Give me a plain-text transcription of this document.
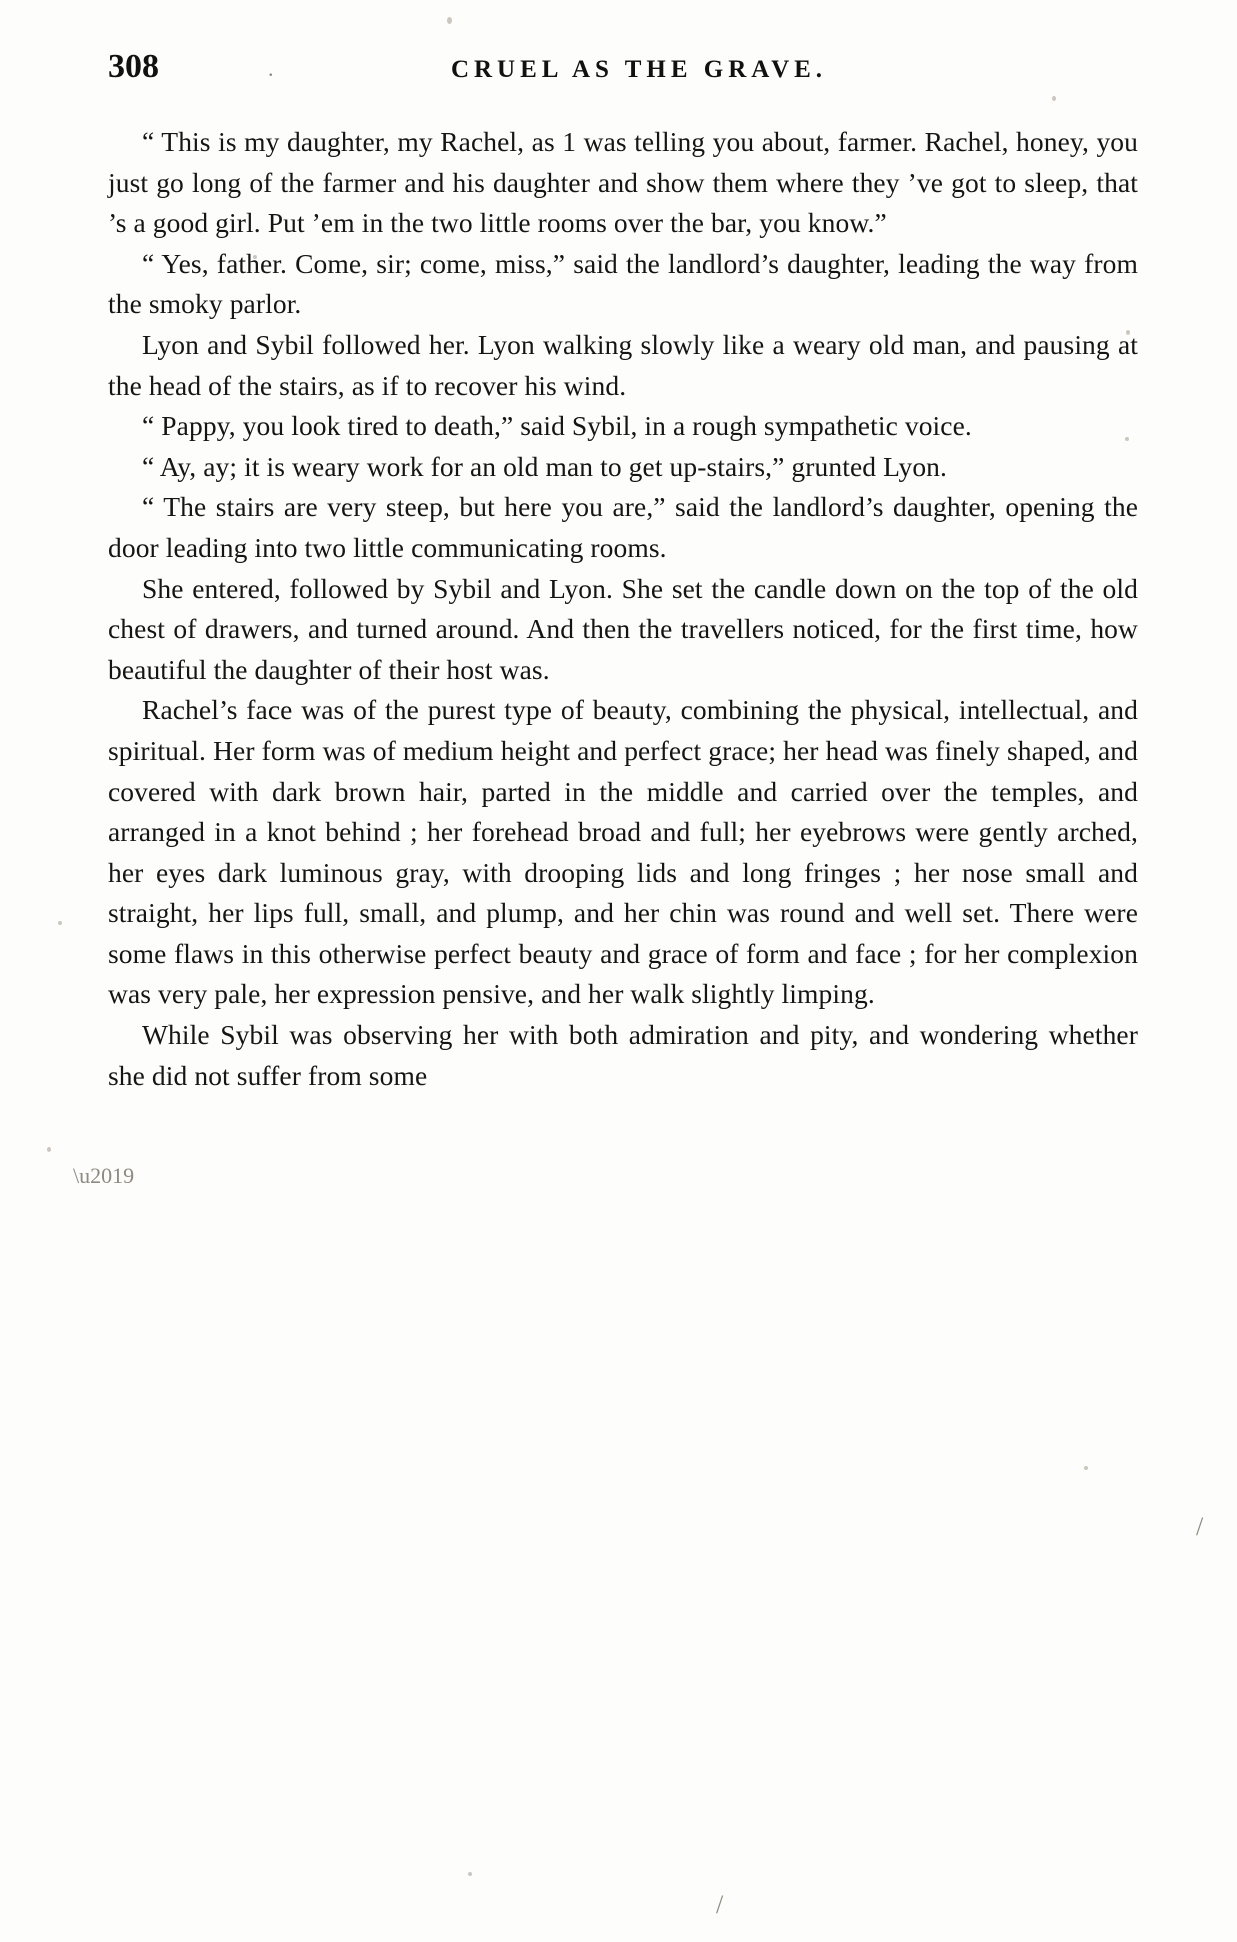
.
\u2019
/
/
308	CRUEL AS THE GRAVE.

“ This is my daughter, my Rachel, as 1 was telling you about, farmer. Rachel, honey, you just go long of the farmer and his daughter and show them where they ’ve got to sleep, that ’s a good girl. Put ’em in the two little rooms over the bar, you know.”

“ Yes, father. Come, sir; come, miss,” said the landlord’s daughter, leading the way from the smoky parlor.

Lyon and Sybil followed her. Lyon walking slowly like a weary old man, and pausing at the head of the stairs, as if to recover his wind.

“ Pappy, you look tired to death,” said Sybil, in a rough sympathetic voice.

“ Ay, ay; it is weary work for an old man to get up-stairs,” grunted Lyon.

“ The stairs are very steep, but here you are,” said the landlord’s daughter, opening the door leading into two little communicating rooms.

She entered, followed by Sybil and Lyon. She set the candle down on the top of the old chest of drawers, and turned around. And then the travellers noticed, for the first time, how beautiful the daughter of their host was.

Rachel’s face was of the purest type of beauty, combining the physical, intellectual, and spiritual. Her form was of medium height and perfect grace; her head was finely shaped, and covered with dark brown hair, parted in the middle and carried over the temples, and arranged in a knot behind ; her forehead broad and full; her eyebrows were gently arched, her eyes dark luminous gray, with drooping lids and long fringes ; her nose small and straight, her lips full, small, and plump, and her chin was round and well set. There were some flaws in this otherwise perfect beauty and grace of form and face ; for her complexion was very pale, her expression pensive, and her walk slightly limping.

While Sybil was observing her with both admiration and pity, and wondering whether she did not suffer from some
